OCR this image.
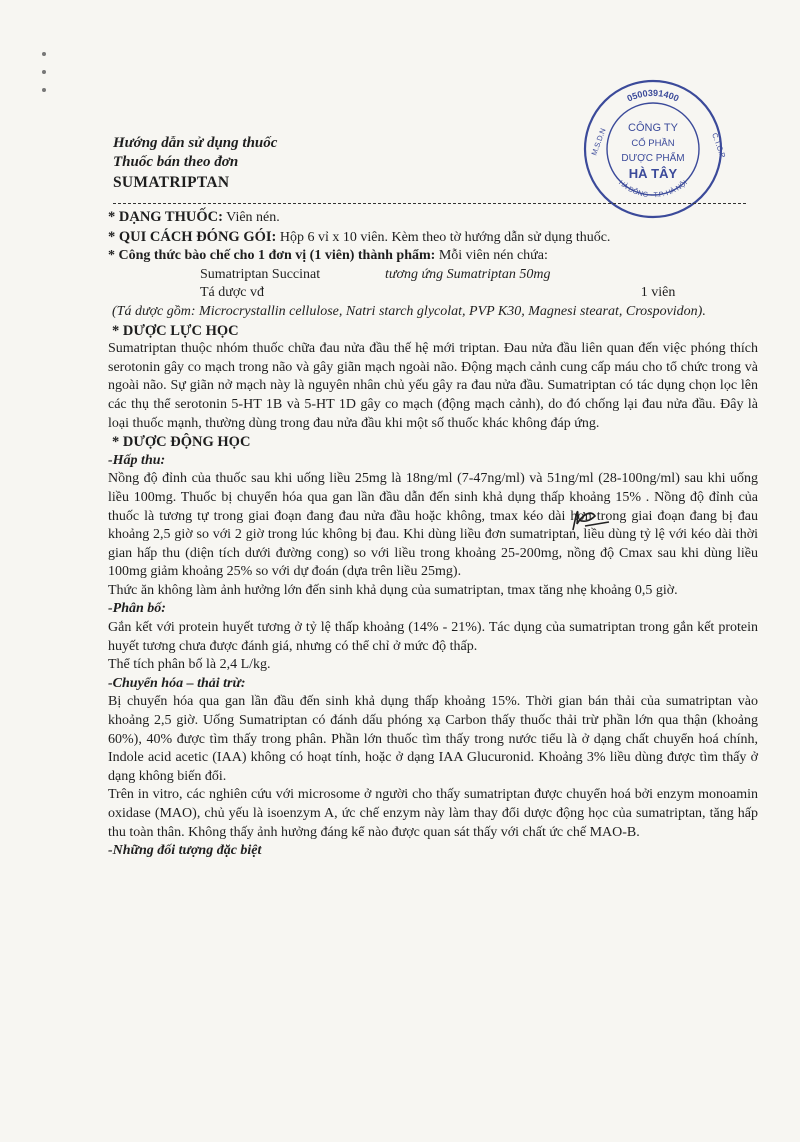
Hướng dẫn sử dụng thuốc
Thuốc bán theo đơn
SUMATRIPTAN
0500391400
M.S.D.N	C.T.C.P
HÀ ĐÔNG - T.P. HÀ NỘI
CÔNG TY
CỔ PHẦN
DƯỢC PHẨM
HÀ TÂY

* DẠNG THUỐC: Viên nén.

* QUI CÁCH ĐÓNG GÓI: Hộp 6 vỉ x 10 viên. Kèm theo tờ hướng dẫn sử dụng thuốc.

* Công thức bào chế cho 1 đơn vị (1 viên) thành phẩm: Mỗi viên nén chứa:

Sumatriptan Succinat	tương ứng Sumatriptan 50mg
Tá dược vđ	1 viên

(Tá dược gồm: Microcrystallin cellulose, Natri starch glycolat, PVP K30, Magnesi stearat, Crospovidon).

* DƯỢC LỰC HỌC

Sumatriptan thuộc nhóm thuốc chữa đau nửa đầu thế hệ mới triptan. Đau nửa đầu liên quan đến việc phóng thích serotonin gây co mạch trong não và gây giãn mạch ngoài não. Động mạch cảnh cung cấp máu cho tổ chức trong và ngoài não. Sự giãn nở mạch này là nguyên nhân chủ yếu gây ra đau nửa đầu. Sumatriptan có tác dụng chọn lọc lên các thụ thể serotonin 5-HT 1B và 5-HT 1D gây co mạch (động mạch cảnh), do đó chống lại đau nửa đầu. Đây là loại thuốc mạnh, thường dùng trong đau nửa đầu khi một số thuốc khác không đáp ứng.

* DƯỢC ĐỘNG HỌC

-Hấp thu:

Nồng độ đỉnh của thuốc sau khi uống liều 25mg là 18ng/ml (7-47ng/ml) và 51ng/ml (28-100ng/ml) sau khi uống liều 100mg. Thuốc bị chuyển hóa qua gan lần đầu dẫn đến sinh khả dụng thấp khoảng 15% . Nồng độ đỉnh của thuốc là tương tự trong giai đoạn đang đau nửa đầu hoặc không, tmax kéo dài hơn trong giai đoạn đang bị đau khoảng 2,5 giờ so với 2 giờ trong lúc không bị đau. Khi dùng liều đơn sumatriptan, liều dùng tỷ lệ với kéo dài thời gian hấp thu (diện tích dưới đường cong) so với liều trong khoảng 25-200mg, nồng độ Cmax sau khi dùng liều 100mg giảm khoảng 25% so với dự đoán (dựa trên liều 25mg).

Thức ăn không làm ảnh hưởng lớn đến sinh khả dụng của sumatriptan, tmax tăng nhẹ khoảng 0,5 giờ.

-Phân bố:

Gắn kết với protein huyết tương ở tỷ lệ thấp khoảng (14% - 21%). Tác dụng của sumatriptan trong gắn kết protein huyết tương chưa được đánh giá, nhưng có thể chỉ ở mức độ thấp.

Thể tích phân bố là 2,4 L/kg.

-Chuyển hóa – thải trừ:

Bị chuyển hóa qua gan lần đầu đến sinh khả dụng thấp khoảng 15%. Thời gian bán thải của sumatriptan vào khoảng 2,5 giờ. Uống Sumatriptan có đánh dấu phóng xạ Carbon thấy thuốc thải trừ phần lớn qua thận (khoảng 60%), 40% được tìm thấy trong phân. Phần lớn thuốc tìm thấy trong nước tiểu là ở dạng chất chuyển hoá chính, Indole acid acetic (IAA) không có hoạt tính, hoặc ở dạng IAA Glucuronid. Khoảng 3% liều dùng được tìm thấy ở dạng không biến đổi.

Trên in vitro, các nghiên cứu với microsome ở người cho thấy sumatriptan được chuyển hoá bởi enzym monoamin oxidase (MAO), chủ yếu là isoenzym A, ức chế enzym này làm thay đổi dược động học của sumatriptan, tăng hấp thu toàn thân. Không thấy ảnh hưởng đáng kể nào được quan sát thấy với chất ức chế MAO-B.

-Những đối tượng đặc biệt
